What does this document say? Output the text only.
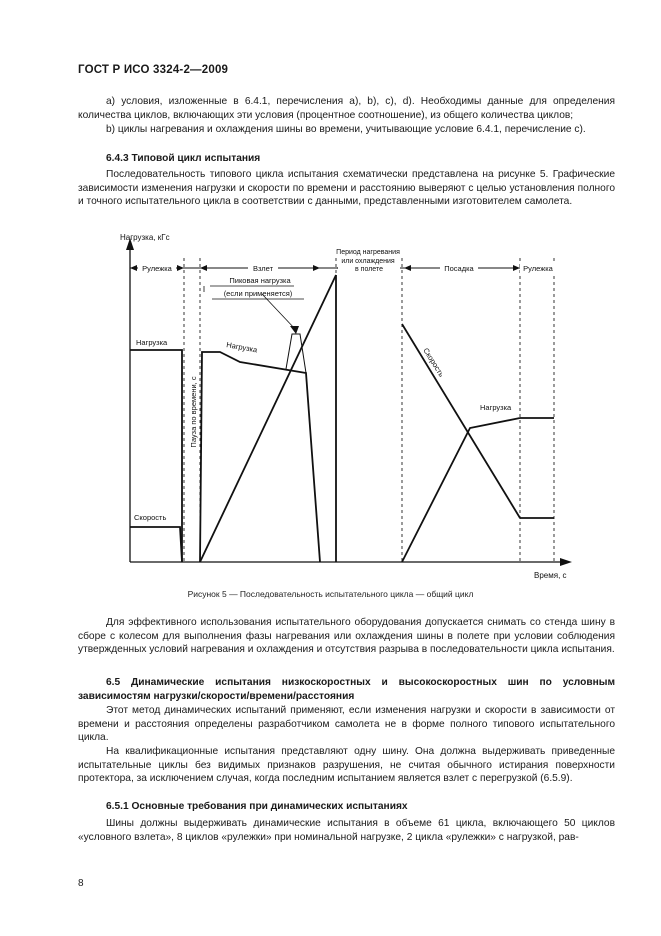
ГОСТ Р ИСО 3324-2—2009
а) условия, изложенные в 6.4.1, перечисления a), b), c), d). Необходимы данные для определения количества циклов, включающих эти условия (процентное соотношение), из общего количества циклов;
b) циклы нагревания и охлаждения шины во времени, учитывающие условие 6.4.1, перечисление c).
6.4.3 Типовой цикл испытания
Последовательность типового цикла испытания схематически представлена на рисунке 5. Графические зависимости изменения нагрузки и скорости по времени и расстоянию выверяют с целью установления полного и точного испытательного цикла в соответствии с данными, представленными изготовителем самолета.
Рулежка	Взлет
Период нагревания или охлаждения в полете	Посадка	Рулежка
Нагрузка, кГс
Время, с
Пауза по времени, с
Нагрузка
Скорость
Нагрузка
Пиковая нагрузка
(если применяется)
Скорость
Нагрузка
Рисунок 5 — Последовательность испытательного цикла — общий цикл
Для эффективного использования испытательного оборудования допускается снимать со стенда шину в сборе с колесом для выполнения фазы нагревания или охлаждения шины в полете при условии соблюдения утвержденных условий нагревания и охлаждения и отсутствия разрыва в последовательности цикла испытания.
6.5 Динамические испытания низкоскоростных и высокоскоростных шин по условным зависимостям нагрузки/скорости/времени/расстояния
Этот метод динамических испытаний применяют, если изменения нагрузки и скорости в зависимости от времени и расстояния определены разработчиком самолета не в форме полного типового испытательного цикла.
На квалификационные испытания представляют одну шину. Она должна выдерживать приведенные испытательные циклы без видимых признаков разрушения, не считая обычного истирания поверхности протектора, за исключением случая, когда последним испытанием является взлет с перегрузкой (6.5.9).
6.5.1 Основные требования при динамических испытаниях
Шины должны выдерживать динамические испытания в объеме 61 цикла, включающего 50 циклов «условного взлета», 8 циклов «рулежки» при номинальной нагрузке, 2 цикла «рулежки» с нагрузкой, рав-
8
